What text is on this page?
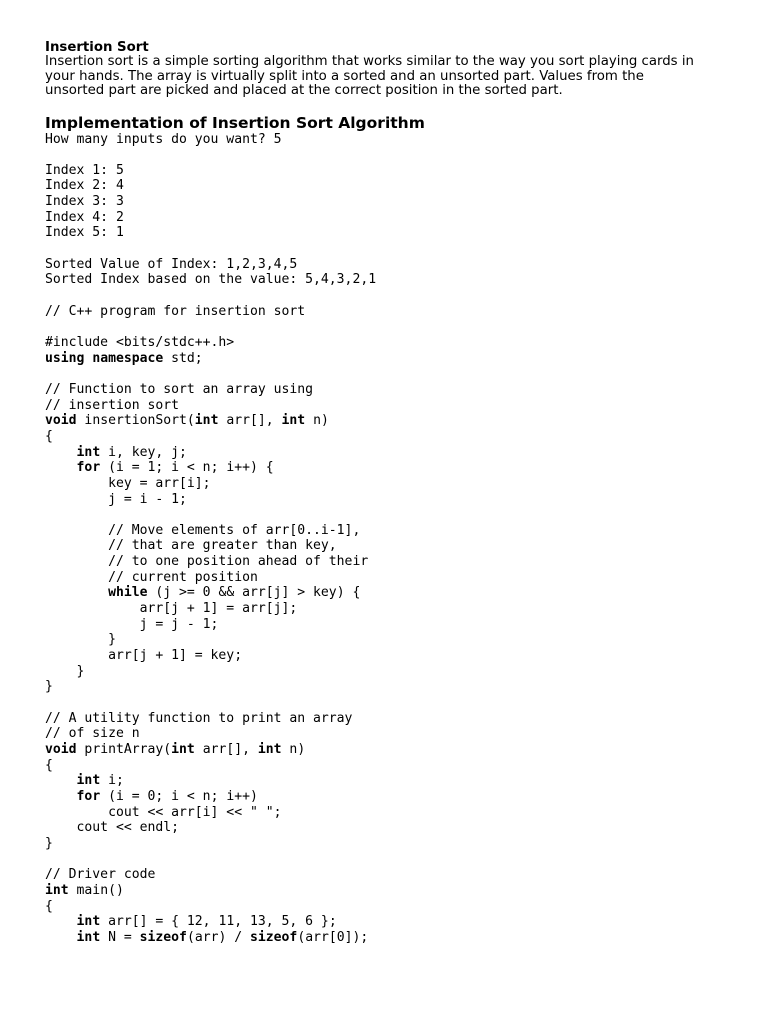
Insertion Sort

Insertion sort is a simple sorting algorithm that works similar to the way you sort playing cards in
your hands. The array is virtually split into a sorted and an unsorted part. Values from the
unsorted part are picked and placed at the correct position in the sorted part.

Implementation of Insertion Sort Algorithm
How many inputs do you want? 5
Index 1: 5
Index 2: 4
Index 3: 3
Index 4: 2
Index 5: 1
Sorted Value of Index: 1,2,3,4,5
Sorted Index based on the value: 5,4,3,2,1
// C++ program for insertion sort
#include <bits/stdc++.h>
using namespace std;
// Function to sort an array using
// insertion sort
void insertionSort(int arr[], int n)
{
int i, key, j;
for (i = 1; i < n; i++) {
key = arr[i];
j = i - 1;
// Move elements of arr[0..i-1],
// that are greater than key,
// to one position ahead of their
// current position
while (j >= 0 && arr[j] > key) {
arr[j + 1] = arr[j];
j = j - 1;
}
arr[j + 1] = key;
}
}
// A utility function to print an array
// of size n
void printArray(int arr[], int n)
{
int i;
for (i = 0; i < n; i++)
cout << arr[i] << " ";
cout << endl;
}
// Driver code
int main()
{
int arr[] = { 12, 11, 13, 5, 6 };
int N = sizeof(arr) / sizeof(arr[0]);
